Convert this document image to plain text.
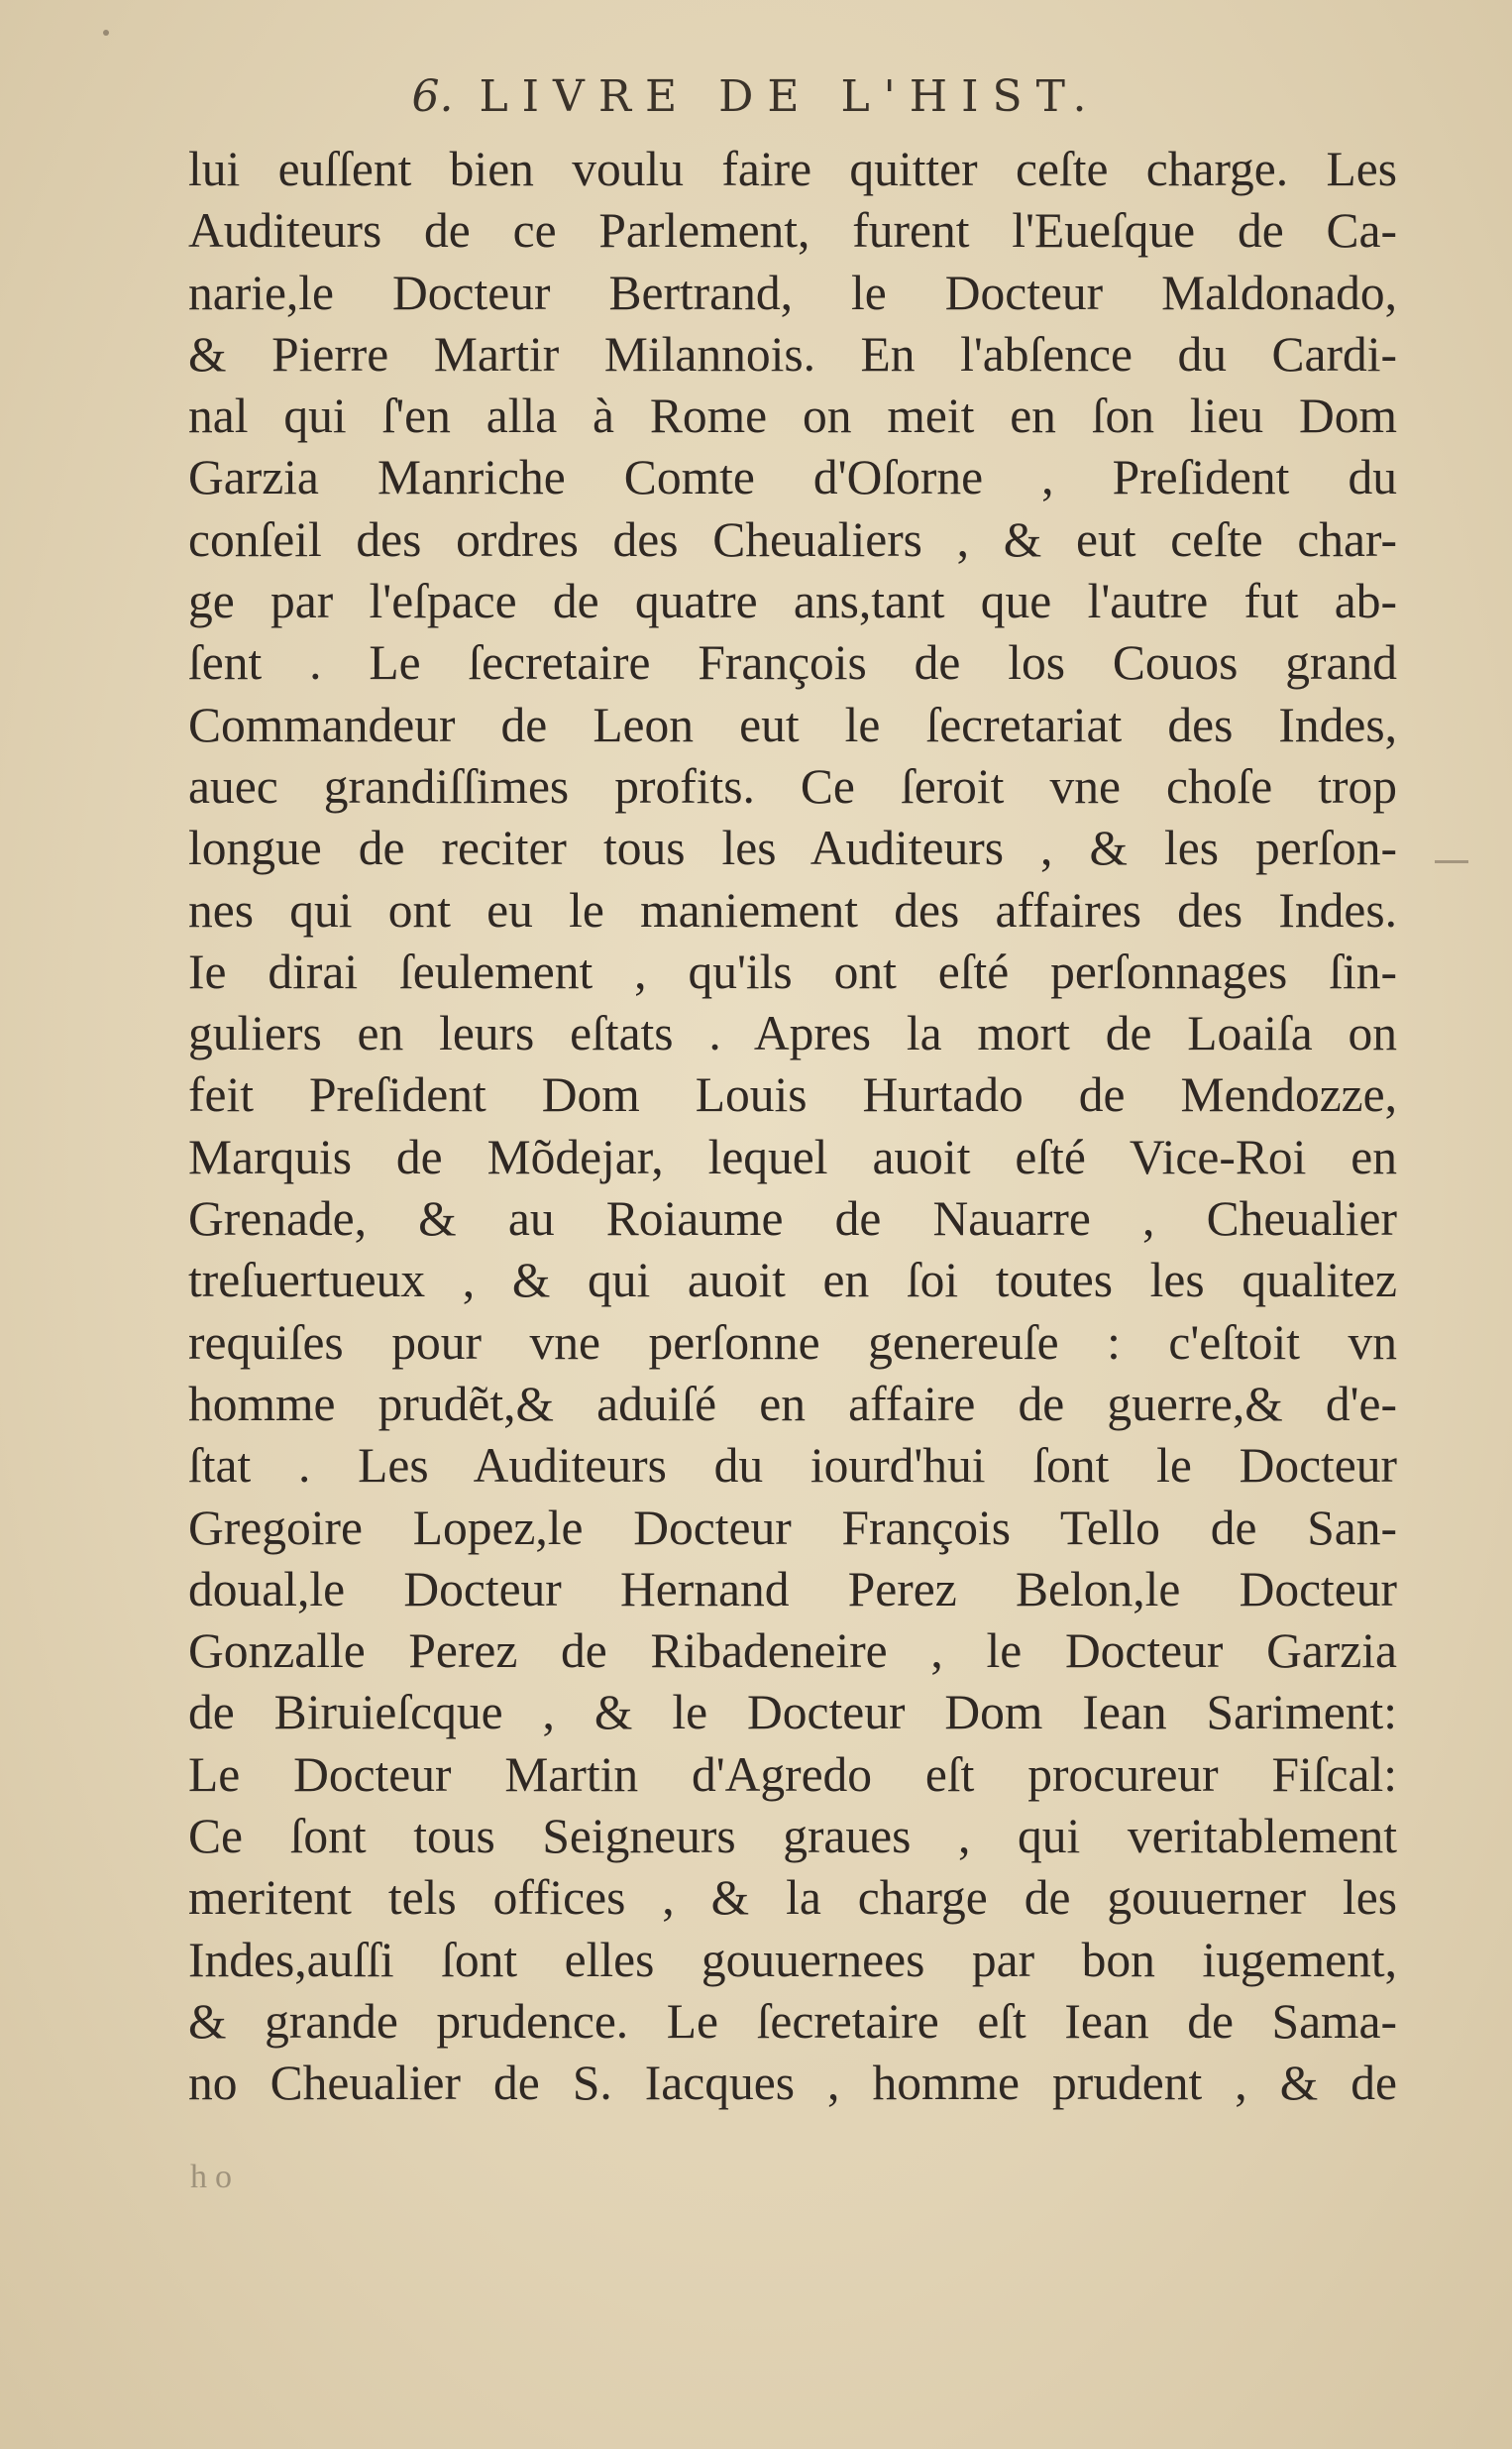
6. LIVRE DE L'HIST.
lui euſſent bien voulu faire quitter ceſte charge. Les
Auditeurs de ce Parlement, furent l'Eueſque de Ca-
narie,le Docteur Bertrand, le Docteur Maldonado,
& Pierre Martir Milannois. En l'abſence du Cardi-
nal qui ſ'en alla à Rome on meit en ſon lieu Dom
Garzia Manriche Comte d'Oſorne , Preſident du
conſeil des ordres des Cheualiers , & eut ceſte char-
ge par l'eſpace de quatre ans,tant que l'autre fut ab-
ſent . Le ſecretaire François de los Couos grand
Commandeur de Leon eut le ſecretariat des Indes,
auec grandiſſimes profits. Ce ſeroit vne choſe trop
longue de reciter tous les Auditeurs , & les perſon-
nes qui ont eu le maniement des affaires des Indes.
Ie dirai ſeulement , qu'ils ont eſté perſonnages ſin-
guliers en leurs eſtats . Apres la mort de Loaiſa on
feit Preſident Dom Louis Hurtado de Mendozze,
Marquis de Mõdejar, lequel auoit eſté Vice-Roi en
Grenade, & au Roiaume de Nauarre , Cheualier
treſuertueux , & qui auoit en ſoi toutes les qualitez
requiſes pour vne perſonne genereuſe : c'eſtoit vn
homme prudẽt,& aduiſé en affaire de guerre,& d'e-
ſtat . Les Auditeurs du iourd'hui ſont le Docteur
Gregoire Lopez,le Docteur François Tello de San-
doual,le Docteur Hernand Perez Belon,le Docteur
Gonzalle Perez de Ribadeneire , le Docteur Garzia
de Biruieſcque , & le Docteur Dom Iean Sariment:
Le Docteur Martin d'Agredo eſt procureur Fiſcal:
Ce ſont tous Seigneurs graues , qui veritablement
meritent tels offices , & la charge de gouuerner les
Indes,auſſi ſont elles gouuernees par bon iugement,
& grande prudence. Le ſecretaire eſt Iean de Sama-
no Cheualier de S. Iacques , homme prudent , & de
ho
